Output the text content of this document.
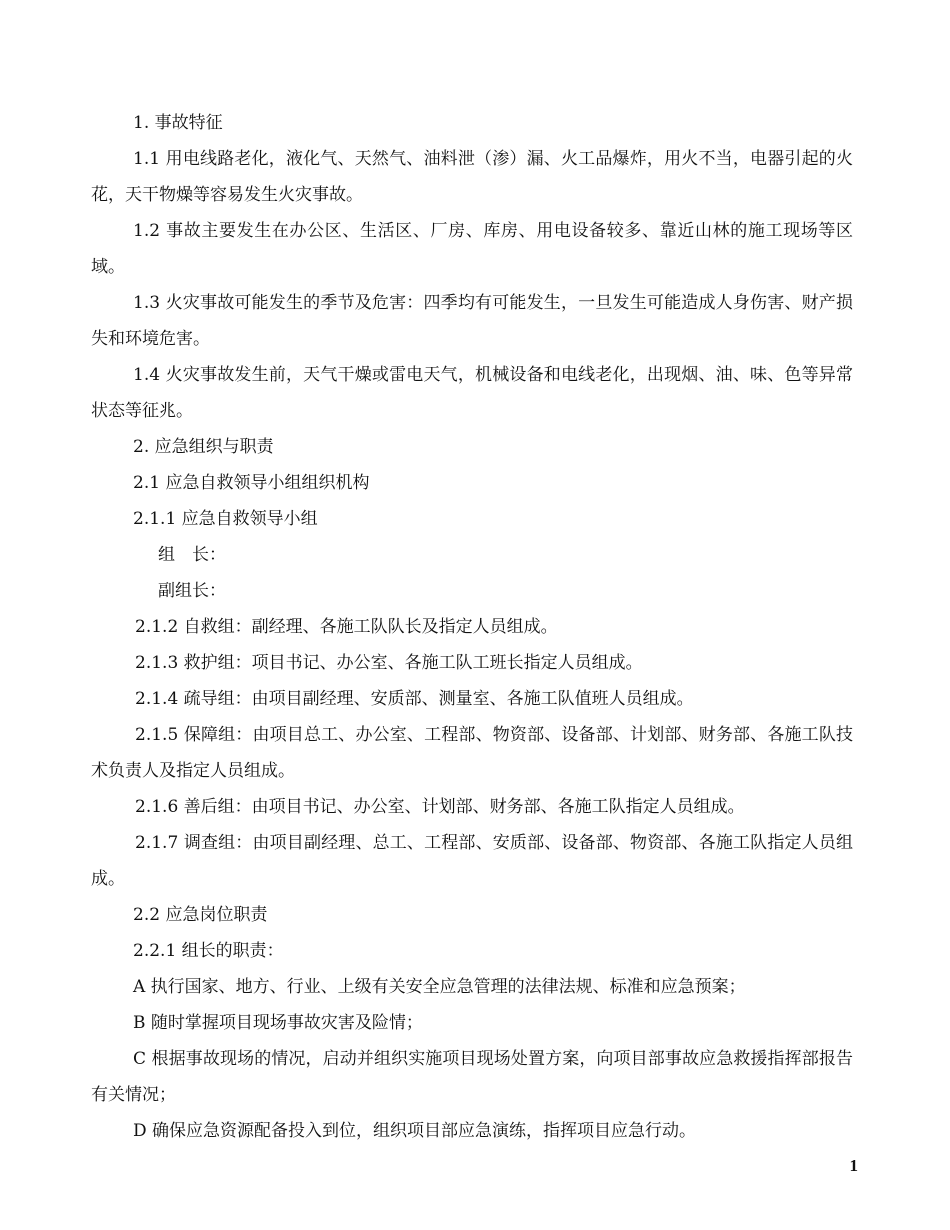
1. 事故特征

1.1 用电线路老化，液化气、天然气、油料泄（渗）漏、火工品爆炸，用火不当，电器引起的火花，天干物燥等容易发生火灾事故。

1.2 事故主要发生在办公区、生活区、厂房、库房、用电设备较多、靠近山林的施工现场等区域。

1.3 火灾事故可能发生的季节及危害：四季均有可能发生，一旦发生可能造成人身伤害、财产损失和环境危害。

1.4 火灾事故发生前，天气干燥或雷电天气，机械设备和电线老化，出现烟、油、味、色等异常状态等征兆。

2. 应急组织与职责

2.1 应急自救领导小组组织机构

2.1.1 应急自救领导小组

组　长：

副组长：

2.1.2 自救组：副经理、各施工队队长及指定人员组成。

2.1.3 救护组：项目书记、办公室、各施工队工班长指定人员组成。

2.1.4 疏导组：由项目副经理、安质部、测量室、各施工队值班人员组成。

2.1.5 保障组：由项目总工、办公室、工程部、物资部、设备部、计划部、财务部、各施工队技术负责人及指定人员组成。

2.1.6 善后组：由项目书记、办公室、计划部、财务部、各施工队指定人员组成。

2.1.7 调查组：由项目副经理、总工、工程部、安质部、设备部、物资部、各施工队指定人员组成。

2.2 应急岗位职责

2.2.1 组长的职责：

A 执行国家、地方、行业、上级有关安全应急管理的法律法规、标准和应急预案；

B 随时掌握项目现场事故灾害及险情；

C 根据事故现场的情况，启动并组织实施项目现场处置方案，向项目部事故应急救援指挥部报告有关情况；

D 确保应急资源配备投入到位，组织项目部应急演练，指挥项目应急行动。

1
